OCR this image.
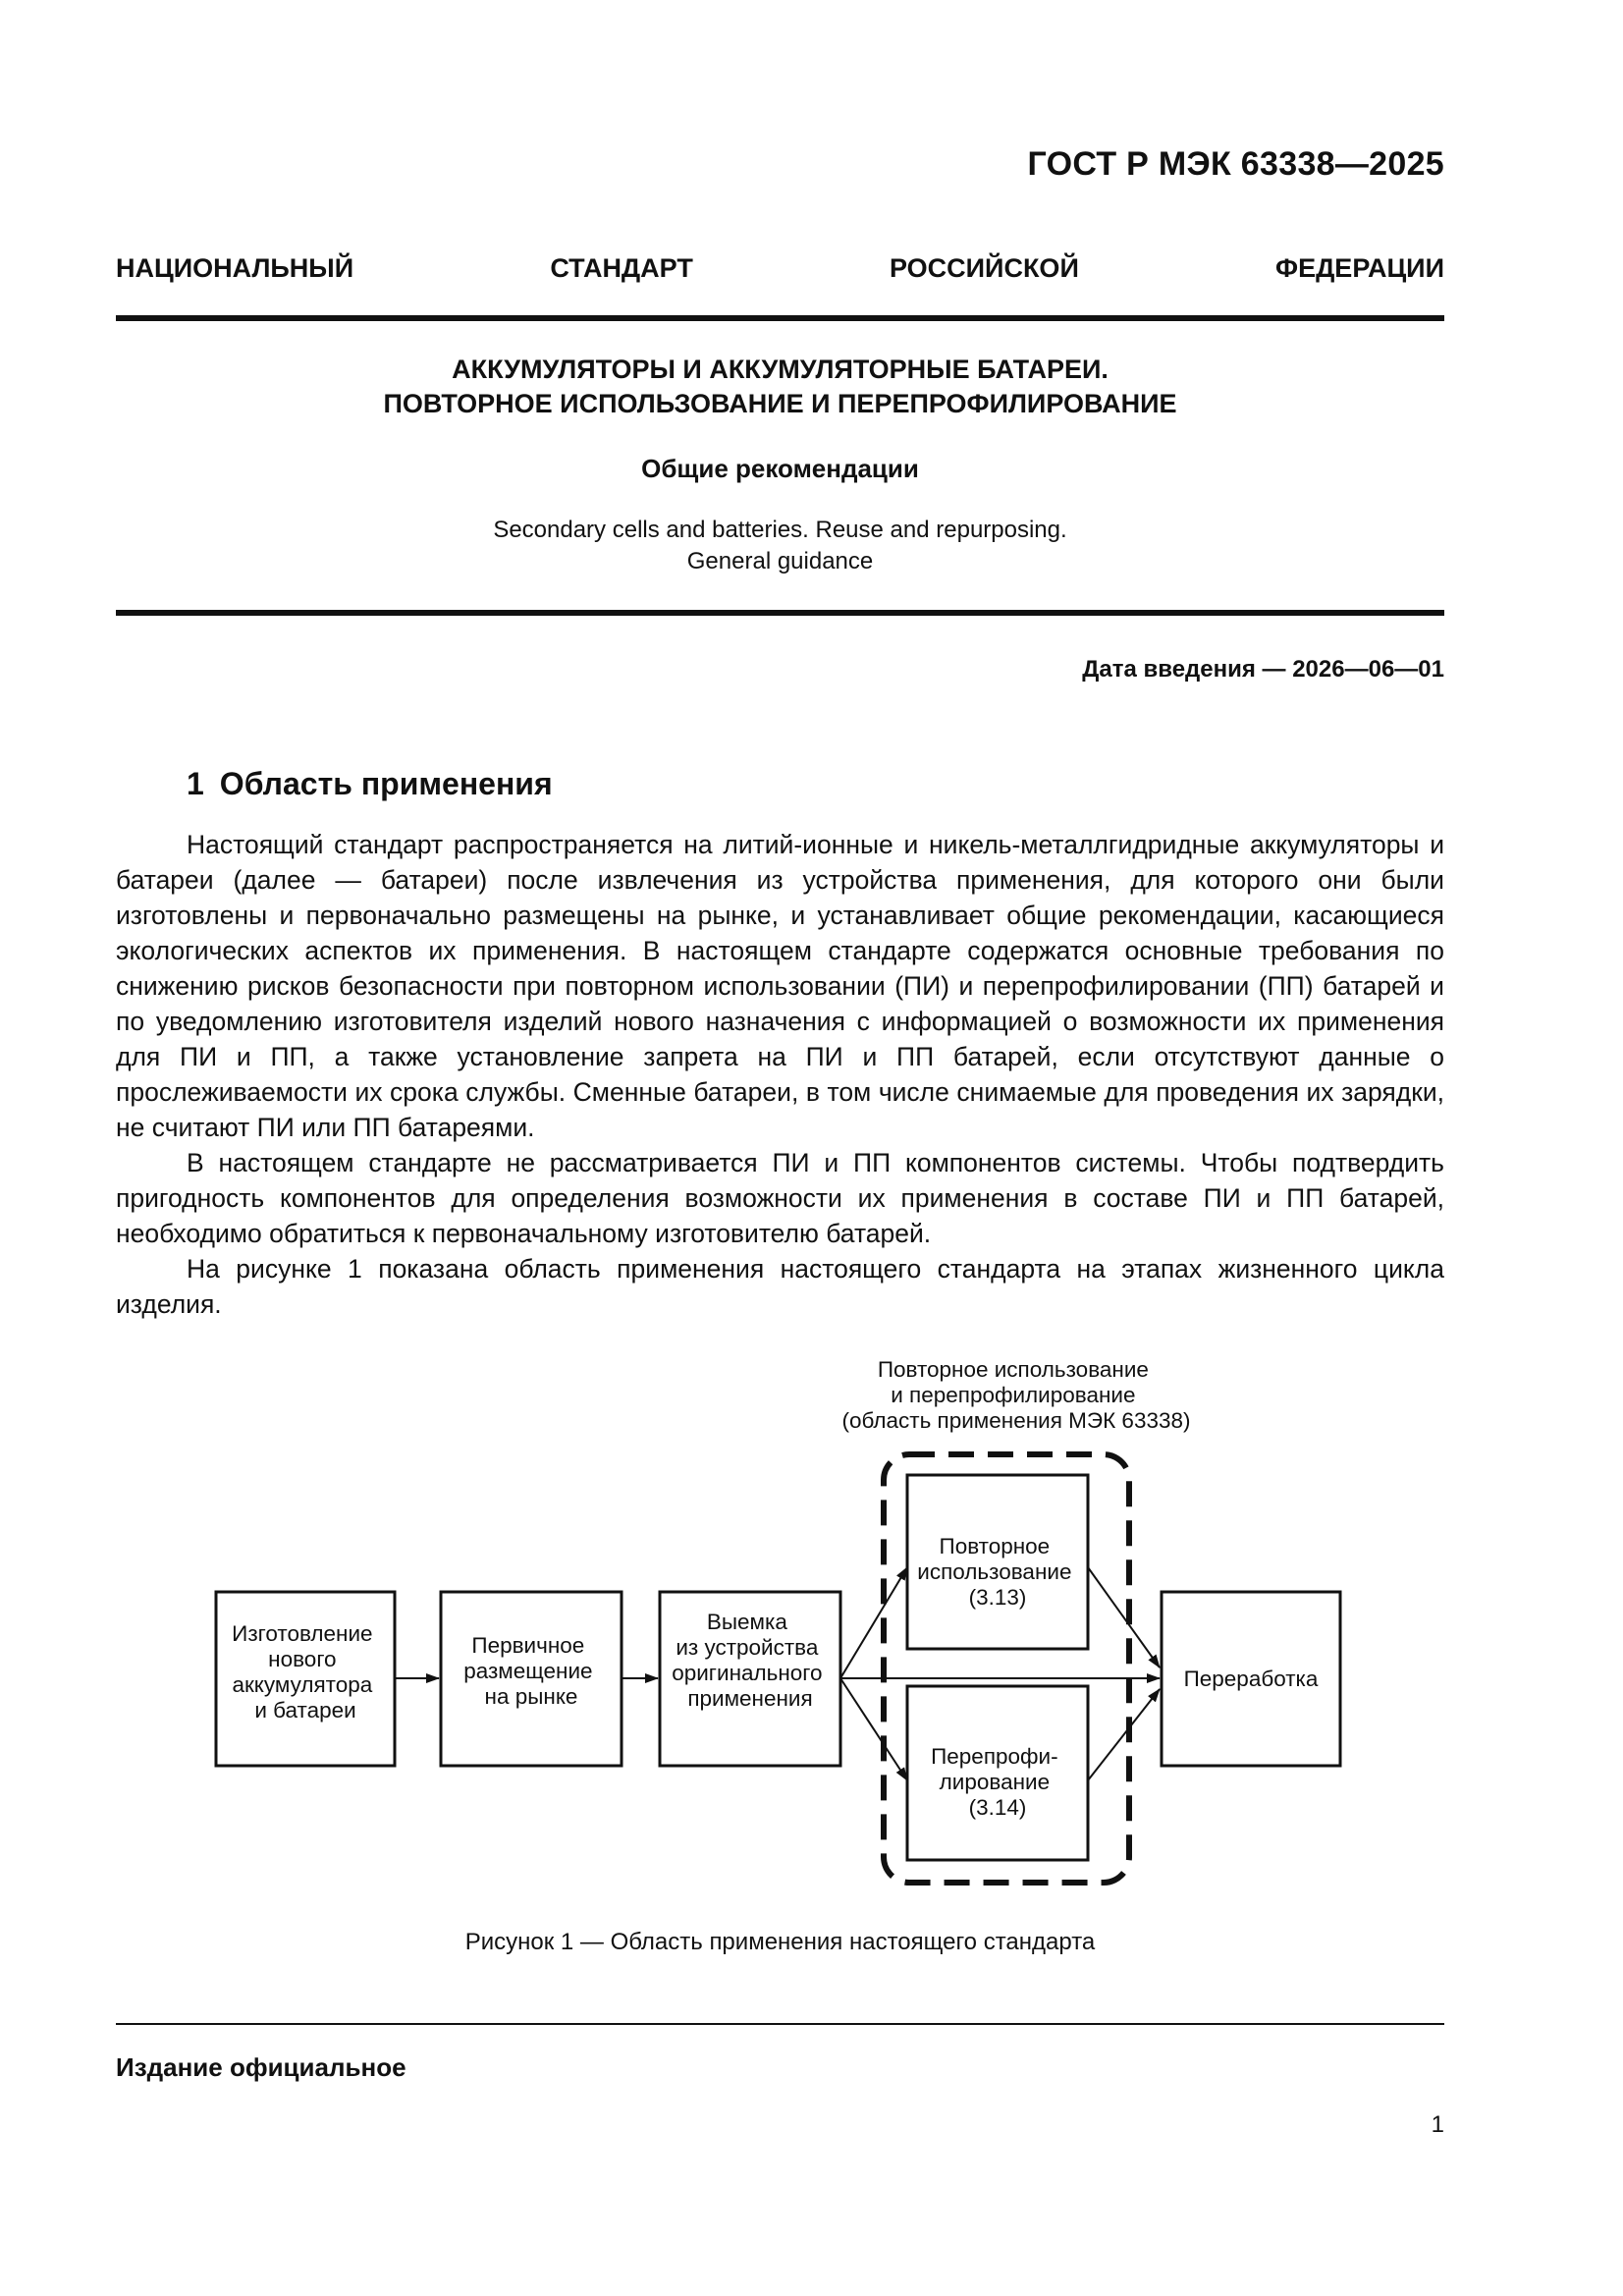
ГОСТ Р МЭК 63338—2025
НАЦИОНАЛЬНЫЙ СТАНДАРТ РОССИЙСКОЙ ФЕДЕРАЦИИ
АККУМУЛЯТОРЫ И АККУМУЛЯТОРНЫЕ БАТАРЕИ.
ПОВТОРНОЕ ИСПОЛЬЗОВАНИЕ И ПЕРЕПРОФИЛИРОВАНИЕ
Общие рекомендации
Secondary cells and batteries. Reuse and repurposing.
General guidance
Дата введения — 2026—06—01
1 Область применения

Настоящий стандарт распространяется на литий-ионные и никель-металлгидридные аккумуляторы и батареи (далее — батареи) после извлечения из устройства применения, для которого они были изготовлены и первоначально размещены на рынке, и устанавливает общие рекомендации, касающиеся экологических аспектов их применения. В настоящем стандарте содержатся основные требования по снижению рисков безопасности при повторном использовании (ПИ) и перепрофилировании (ПП) батарей и по уведомлению изготовителя изделий нового назначения с информацией о возможности их применения для ПИ и ПП, а также установление запрета на ПИ и ПП батарей, если отсутствуют данные о прослеживаемости их срока службы. Сменные батареи, в том числе снимаемые для проведения их зарядки, не считают ПИ или ПП батареями.

В настоящем стандарте не рассматривается ПИ и ПП компонентов системы. Чтобы подтвердить пригодность компонентов для определения возможности их применения в составе ПИ и ПП батарей, необходимо обратиться к первоначальному изготовителю батарей.

На рисунке 1 показана область применения настоящего стандарта на этапах жизненного цикла изделия.

Повторное использование и перепрофилирование (область применения МЭК 63338)
Изготовление нового аккумулятора и батареи
Первичное размещение на рынке
Выемка из устройства оригинального применения
Повторное использование (3.13)
Перепрофи- лирование (3.14)
Переработка
Рисунок 1 — Область применения настоящего стандарта
Издание официальное
1
